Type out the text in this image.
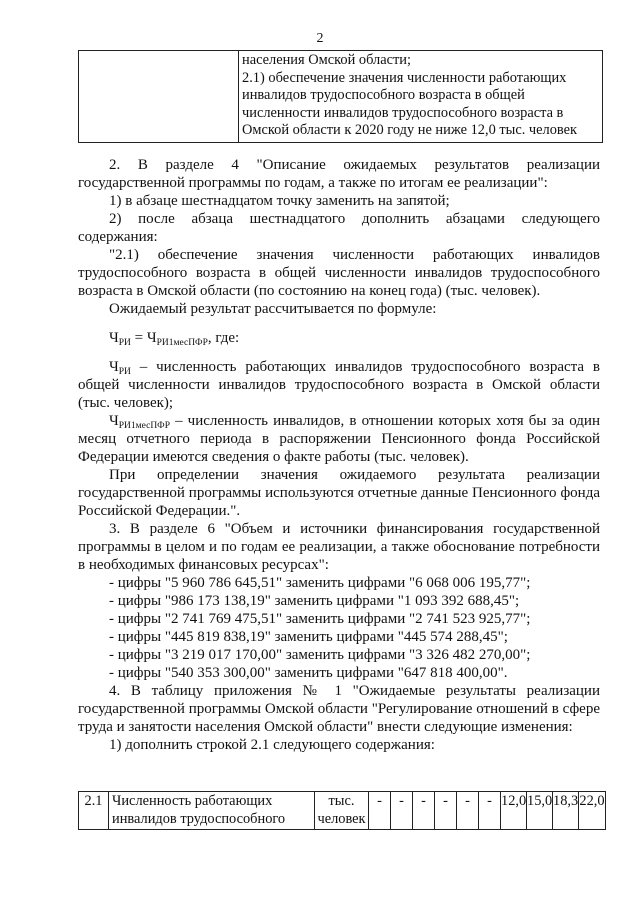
2

населения Омской области;
2.1) обеспечение значения численности работающих
инвалидов трудоспособного возраста в общей
численности инвалидов трудоспособного возраста в
Омской области к 2020 году не ниже 12,0 тыс. человек

2. В разделе 4 "Описание ожидаемых результатов реализации государственной программы по годам, а также по итогам ее реализации":

1) в абзаце шестнадцатом точку заменить на запятой;

2) после абзаца шестнадцатого дополнить абзацами следующего содержания:

"2.1) обеспечение значения численности работающих инвалидов трудоспособного возраста в общей численности инвалидов трудоспособного возраста в Омской области (по состоянию на конец года) (тыс. человек).

Ожидаемый результат рассчитывается по формуле:

$Ч_{РИ} = Ч_{РИ1месПФР}$, где:

$Ч_{РИ}$ – численность работающих инвалидов трудоспособного возраста в общей численности инвалидов трудоспособного возраста в Омской области (тыс. человек);

$Ч_{РИ1месПФР}$ – численность инвалидов, в отношении которых хотя бы за один месяц отчетного периода в распоряжении Пенсионного фонда Российской Федерации имеются сведения о факте работы (тыс. человек).

При определении значения ожидаемого результата реализации государственной программы используются отчетные данные Пенсионного фонда Российской Федерации.".

3. В разделе 6 "Объем и источники финансирования государственной программы в целом и по годам ее реализации, а также обоснование потребности в необходимых финансовых ресурсах":

- цифры "5 960 786 645,51" заменить цифрами "6 068 006 195,77";

- цифры "986 173 138,19" заменить цифрами "1 093 392 688,45";

- цифры "2 741 769 475,51" заменить цифрами "2 741 523 925,77";

- цифры "445 819 838,19" заменить цифрами "445 574 288,45";

- цифры "3 219 017 170,00" заменить цифрами "3 326 482 270,00";

- цифры "540 353 300,00" заменить цифрами "647 818 400,00".

4. В таблицу приложения № 1 "Ожидаемые результаты реализации государственной программы Омской области "Регулирование отношений в сфере труда и занятости населения Омской области" внести следующие изменения:

1) дополнить строкой 2.1 следующего содержания:

2.1	Численность работающих инвалидов трудоспособного	тыс. человек	-	-	-	-	-	-	12,0	15,0	18,3	22,0
